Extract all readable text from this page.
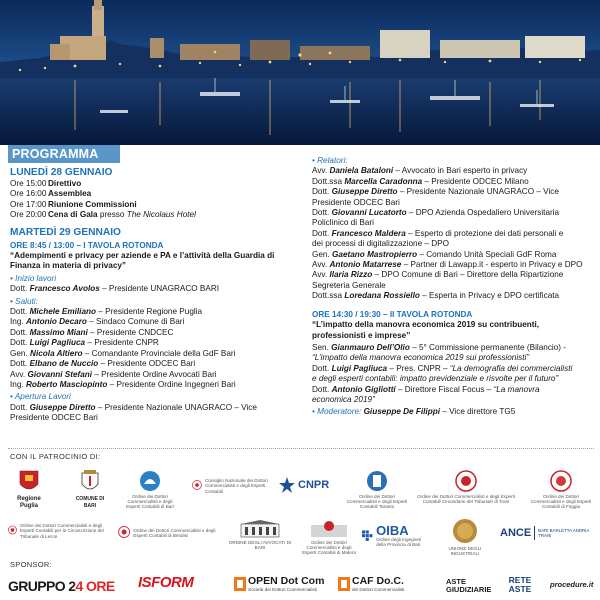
PROGRAMMA
LUNEDÌ 28 GENNAIO
Ore 15:00 Direttivo
Ore 16:00 Assemblea
Ore 17:00 Riunione Commissioni
Ore 20:00 Cena di Gala presso The Nicolaus Hotel
MARTEDÌ 29 GENNAIO
ORE 8:45 / 13:00 – I TAVOLA ROTONDA
“Adempimenti e privacy per aziende e PA e l’attività della Guardia di Finanza in materia di privacy”
• Inizio lavori
Dott. Francesco Avolos – Presidente UNAGRACO BARI
• Saluti:
Dott. Michele Emiliano – Presidente Regione Puglia
Ing. Antonio Decaro – Sindaco Comune di Bari
Dott. Massimo Miani – Presidente CNDCEC
Dott. Luigi Pagliuca – Presidente CNPR
Gen. Nicola Altiero – Comandante Provinciale della GdF Bari
Dott. Elbano de Nuccio – Presidente ODCEC Bari
Avv. Giovanni Stefanì – Presidente Ordine Avvocati Bari
Ing. Roberto Masciopinto – Presidente Ordine Ingegneri Bari
• Apertura Lavori
Dott. Giuseppe Diretto – Presidente Nazionale UNAGRACO – Vice
Presidente ODCEC Bari
• Relatori:
Avv. Daniela Bataloni – Avvocato in Bari esperto in privacy
Dott.ssa Marcella Caradonna – Presidente ODCEC Milano
Dott. Giuseppe Diretto – Presidente Nazionale UNAGRACO – Vice
Presidente ODCEC Bari
Dott. Giovanni Lucatorto – DPO Azienda Ospedaliero Universitaria
Policlinico di Bari
Dott. Francesco Maldera – Esperto di protezione dei dati personali e
dei processi di digitalizzazione – DPO
Gen. Gaetano Mastropierro – Comando Unità Speciali GdF Roma
Avv. Antonio Matarrese – Partner di Lawapp.it - esperto in Privacy e DPO
Avv. Ilaria Rizzo – DPO Comune di Bari – Direttore della Ripartizione
Segreteria Generale
Dott.ssa Loredana Rossiello – Esperta in Privacy e DPO certificata
ORE 14:30 / 19:30 – II TAVOLA ROTONDA
“L’impatto della manovra economica 2019 su contribuenti, professionisti e imprese”
Sen. Gianmauro Dell’Olio – 5° Commissione permanente (Bilancio) -
“L’impatto della manovra economica 2019 sui professionisti”
Dott. Luigi Pagliuca – Pres. CNPR – “La demografia dei commercialisti
e degli esperti contabili: impatto previdenziale e risvolte per il futuro”
Dott. Antonio Gigliotti – Direttore Fiscal Focus – “La manovra
economica 2019”
• Moderatore: Giuseppe De Filippi – Vice direttore TG5
CON IL PATROCINIO DI:
Regione Puglia
COMUNE DI BARI
Ordine dei Dottori Commercialisti e degli Esperti Contabili di Bari
Consiglio Nazionale dei Dottori Commercialisti e degli Esperti Contabili
CNPR
Ordine dei Dottori Commercialisti e degli Esperti Contabili Taranto
Ordine dei Dottori Commercialisti e degli Esperti Contabili Circondario del Tribunale di Trani
Ordine dei Dottori Commercialisti e degli Esperti Contabili di Foggia
Ordine dei Dottori Commercialisti e degli Esperti Contabili per la Circoscrizione del Tribunale di Lecce
Ordine dei Dottori Commercialisti e degli Esperti Contabili di Brindisi
ORDINE DEGLI AVVOCATI DI BARI
Ordine dei Dottori Commercialisti e degli Esperti Contabili di Matera
OIBA
Ordine degli Ingegneri della Provincia di Bari
UNIONE DEGLI INDUSTRIALI
ANCE BARI BARLETTA ANDRIA TRANI
SPONSOR:
GRUPPO 24 ORE ISFORM	OPEN Dot Com
Società dei Dottori Commercialisti
CAF Do.C.
dei Dottori Commercialisti
ASTE GIUDIZIARIE
RETE ASTE	procedure.it
